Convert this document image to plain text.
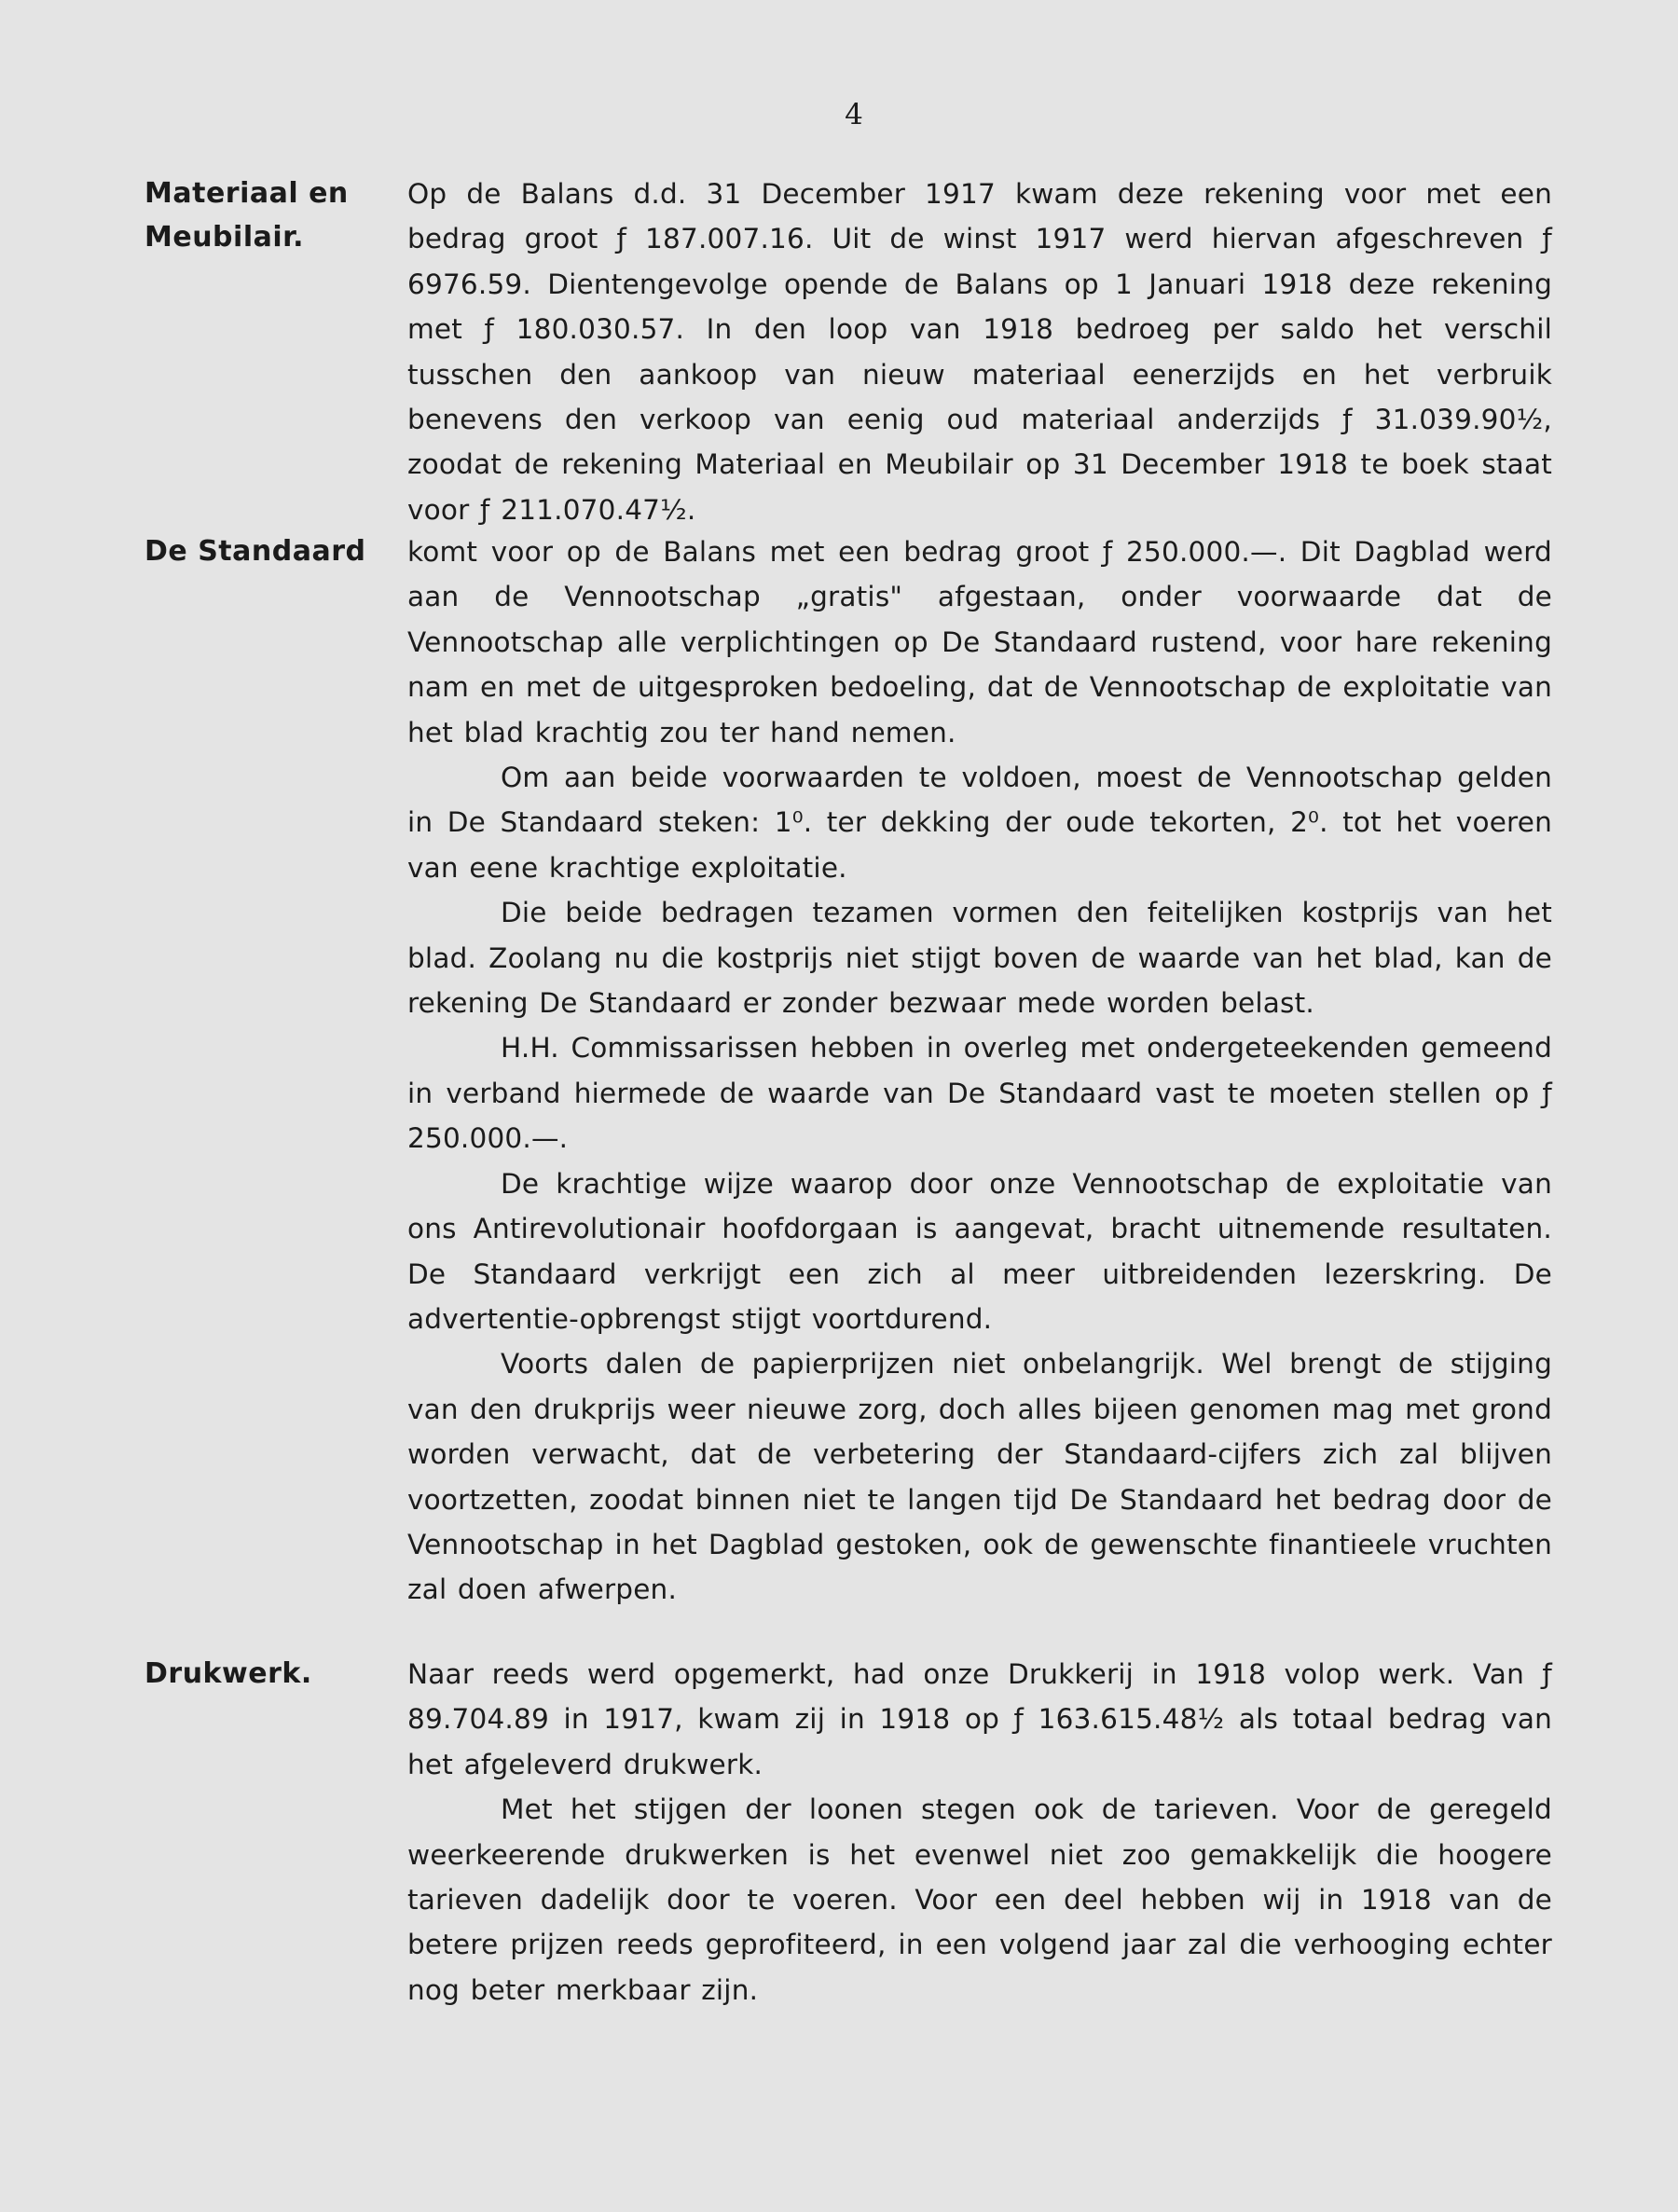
4
Materiaal en
Meubilair.

Op de Balans d.d. 31 December 1917 kwam deze rekening voor met een bedrag groot ƒ 187.007.16. Uit de winst 1917 werd hiervan afgeschreven ƒ 6976.59. Dientengevolge opende de Balans op 1 Januari 1918 deze rekening met ƒ 180.030.57. In den loop van 1918 bedroeg per saldo het verschil tusschen den aankoop van nieuw materiaal eenerzijds en het verbruik benevens den verkoop van eenig oud materiaal anderzijds ƒ 31.039.90½, zoodat de rekening Materiaal en Meubilair op 31 December 1918 te boek staat voor ƒ 211.070.47½.

De Standaard	komt voor op de Balans met een bedrag groot ƒ 250.000.—. Dit Dagblad werd aan de Vennootschap „gratis" afgestaan, onder voorwaarde dat de Vennootschap alle verplichtingen op De Standaard rustend, voor hare rekening nam en met de uitgesproken bedoeling, dat de Vennootschap de exploitatie van het blad krachtig zou ter hand nemen.

Om aan beide voorwaarden te voldoen, moest de Vennootschap gelden in De Standaard steken: 1⁰. ter dekking der oude tekorten, 2⁰. tot het voeren van eene krachtige exploitatie.

Die beide bedragen tezamen vormen den feitelijken kostprijs van het blad. Zoolang nu die kostprijs niet stijgt boven de waarde van het blad, kan de rekening De Standaard er zonder bezwaar mede worden belast.

H.H. Commissarissen hebben in overleg met ondergeteekenden gemeend in verband hiermede de waarde van De Standaard vast te moeten stellen op ƒ 250.000.—.

De krachtige wijze waarop door onze Vennootschap de exploitatie van ons Antirevolutionair hoofdorgaan is aangevat, bracht uitnemende resultaten. De Standaard verkrijgt een zich al meer uitbreidenden lezerskring. De advertentie-opbrengst stijgt voortdurend.

Voorts dalen de papierprijzen niet onbelangrijk. Wel brengt de stijging van den drukprijs weer nieuwe zorg, doch alles bijeen genomen mag met grond worden verwacht, dat de verbetering der Standaard-cijfers zich zal blijven voortzetten, zoodat binnen niet te langen tijd De Standaard het bedrag door de Vennootschap in het Dagblad gestoken, ook de gewenschte finantieele vruchten zal doen afwerpen.

Drukwerk.	Naar reeds werd opgemerkt, had onze Drukkerij in 1918 volop werk. Van ƒ 89.704.89 in 1917, kwam zij in 1918 op ƒ 163.615.48½ als totaal bedrag van het afgeleverd drukwerk.

Met het stijgen der loonen stegen ook de tarieven. Voor de geregeld weerkeerende drukwerken is het evenwel niet zoo gemakkelijk die hoogere tarieven dadelijk door te voeren. Voor een deel hebben wij in 1918 van de betere prijzen reeds geprofiteerd, in een volgend jaar zal die verhooging echter nog beter merkbaar zijn.
